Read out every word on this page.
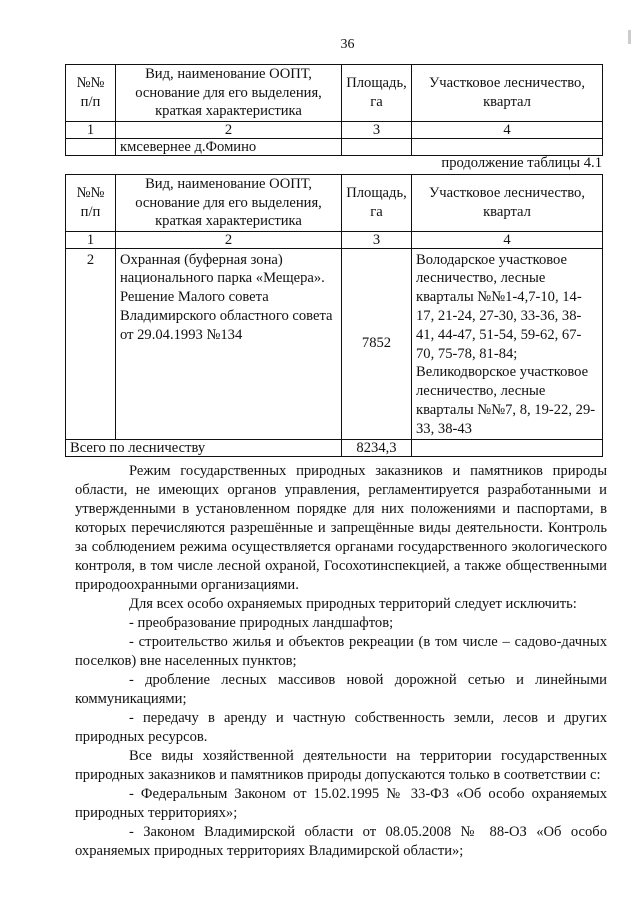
36
№№ п/п	Вид, наименование ООПТ, основание для его выделения, краткая характеристика	Площадь, га	Участковое лесничество, квартал
1	2	3	4
	кмсевернее д.Фомино		
продолжение таблицы 4.1
№№ п/п	Вид, наименование ООПТ, основание для его выделения, краткая характеристика	Площадь, га	Участковое лесничество, квартал
1	2	3	4
2	Охранная (буферная зона) национального парка «Мещера». Решение Малого совета Владимирского областного совета от 29.04.1993 №134	7852	Володарское участковое лесничество, лесные кварталы №№1-4,7-10, 14-17, 21-24, 27-30, 33-36, 38-41, 44-47, 51-54, 59-62, 67-70, 75-78, 81-84; Великодворское участковое лесничество, лесные кварталы №№7, 8, 19-22, 29-33, 38-43
Всего по лесничеству		8234,3	

Режим государственных природных заказников и памятников природы области, не имеющих органов управления, регламентируется разработанными и утвержденными в установленном порядке для них положениями и паспортами, в которых перечисляются разрешённые и запрещённые виды деятельности. Контроль за соблюдением режима осуществляется органами государственного экологического контроля, в том числе лесной охраной, Госохотинспекцией, а также общественными природоохранными организациями.

Для всех особо охраняемых природных территорий следует исключить:

- преобразование природных ландшафтов;

- строительство жилья и объектов рекреации (в том числе – садово-дачных поселков) вне населенных пунктов;

- дробление лесных массивов новой дорожной сетью и линейными коммуникациями;

- передачу в аренду и частную собственность земли, лесов и других природных ресурсов.

Все виды хозяйственной деятельности на территории государственных природных заказников и памятников природы допускаются только в соответствии с:

- Федеральным Законом от 15.02.1995 № 33-ФЗ «Об особо охраняемых природных территориях»;

- Законом Владимирской области от 08.05.2008 № 88-ОЗ «Об особо охраняемых природных территориях Владимирской области»;
